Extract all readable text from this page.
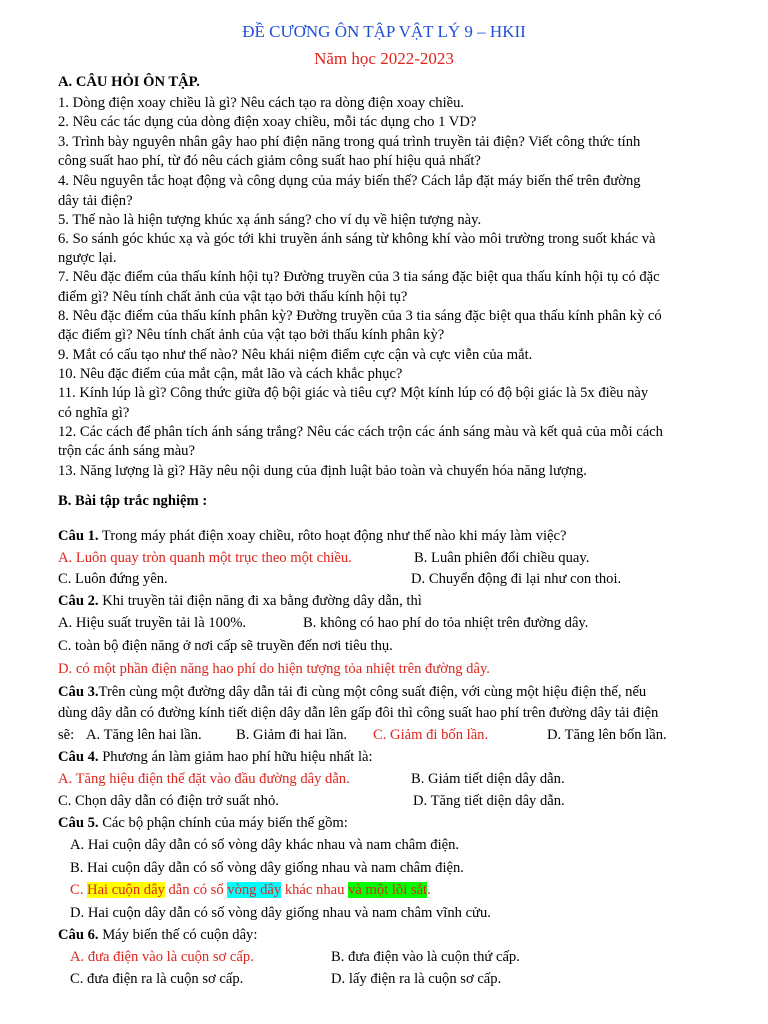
ĐỀ CƯƠNG ÔN TẬP VẬT LÝ 9 – HKII
Năm học 2022-2023
A. CÂU HỎI ÔN TẬP.
1. Dòng điện xoay chiều là gì? Nêu cách tạo ra dòng điện xoay chiều.
2. Nêu các tác dụng của dòng điện xoay chiều, mỗi tác dụng cho 1 VD?
3. Trình bày nguyên nhân gây hao phí điện năng trong quá trình truyền tải điện? Viết công thức tính
công suất hao phí, từ đó nêu cách giảm công suất hao phí hiệu quả nhất?
4. Nêu nguyên tắc hoạt động và công dụng của máy biến thế? Cách lắp đặt máy biến thế trên đường
dây tải điện?
5. Thế nào là hiện tượng khúc xạ ánh sáng? cho ví dụ về hiện tượng này.
6. So sánh góc khúc xạ và góc tới khi truyền ánh sáng từ không khí vào môi trường trong suốt khác và
ngược lại.
7. Nêu đặc điểm của thấu kính hội tụ? Đường truyền của 3 tia sáng đặc biệt qua thấu kính hội tụ có đặc
điểm gì? Nêu tính chất ảnh của vật tạo bởi thấu kính hội tụ?
8. Nêu đặc điểm của thấu kính phân kỳ? Đường truyền của 3 tia sáng đặc biệt qua thấu kính phân kỳ có
đặc điểm gì? Nêu tính chất ảnh của vật tạo bởi thấu kính phân kỳ?
9. Mắt có cấu tạo như thế nào? Nêu khái niệm điểm cực cận và cực viễn của mắt.
10. Nêu đặc điểm của mắt cận, mắt lão và cách khắc phục?
11. Kính lúp là gì? Công thức giữa độ bội giác và tiêu cự? Một kính lúp có độ bội giác là 5x điều này
có nghĩa gì?
12. Các cách để phân tích ánh sáng trắng? Nêu các cách trộn các ánh sáng màu và kết quả của mỗi cách
trộn các ánh sáng màu?
13. Năng lượng là gì? Hãy nêu nội dung của định luật bảo toàn và chuyển hóa năng lượng.
B. Bài tập trắc nghiệm :
Câu 1. Trong máy phát điện xoay chiều, rôto hoạt động như thế nào khi máy làm việc?
A. Luôn quay tròn quanh một trục theo một chiều.	B. Luân phiên đổi chiều quay.
C. Luôn đứng yên.	D. Chuyển động đi lại như con thoi.
Câu 2. Khi truyền tải điện năng đi xa bằng đường dây dẫn, thì
A. Hiệu suất truyền tải là 100%.	B. không có hao phí do tỏa nhiệt trên đường dây.
C. toàn bộ điện năng ở nơi cấp sẽ truyền đến nơi tiêu thụ.
D. có một phần điện năng hao phí do hiện tượng tỏa nhiệt trên đường dây.
Câu 3.Trên cùng một đường dây dẫn tải đi cùng một công suất điện, với cùng một hiệu điện thế, nếu
dùng dây dẫn có đường kính tiết diện dây dẫn lên gấp đôi thì công suất hao phí trên đường dây tải điện
sẽ: A. Tăng lên hai lần. B. Giảm đi hai lần. C. Giảm đi bốn lần.	D. Tăng lên bốn lần.
Câu 4. Phương án làm giảm hao phí hữu hiệu nhất là:
A. Tăng hiệu điện thế đặt vào đầu đường dây dẫn.	B. Giảm tiết diện dây dẫn.
C. Chọn dây dẫn có điện trở suất nhỏ.	D. Tăng tiết diện dây dẫn.
Câu 5. Các bộ phận chính của máy biến thế gồm:
A. Hai cuộn dây dẫn có số vòng dây khác nhau và nam châm điện.
B. Hai cuộn dây dẫn có số vòng dây giống nhau và nam châm điện.
C. Hai cuộn dây dẫn có số vòng dây khác nhau và một lõi sắt.
D. Hai cuộn dây dẫn có số vòng dây giống nhau và nam châm vĩnh cửu.
Câu 6. Máy biến thế có cuộn dây:
A. đưa điện vào là cuộn sơ cấp.	B. đưa điện vào là cuộn thứ cấp.
C. đưa điện ra là cuộn sơ cấp.	D. lấy điện ra là cuộn sơ cấp.
